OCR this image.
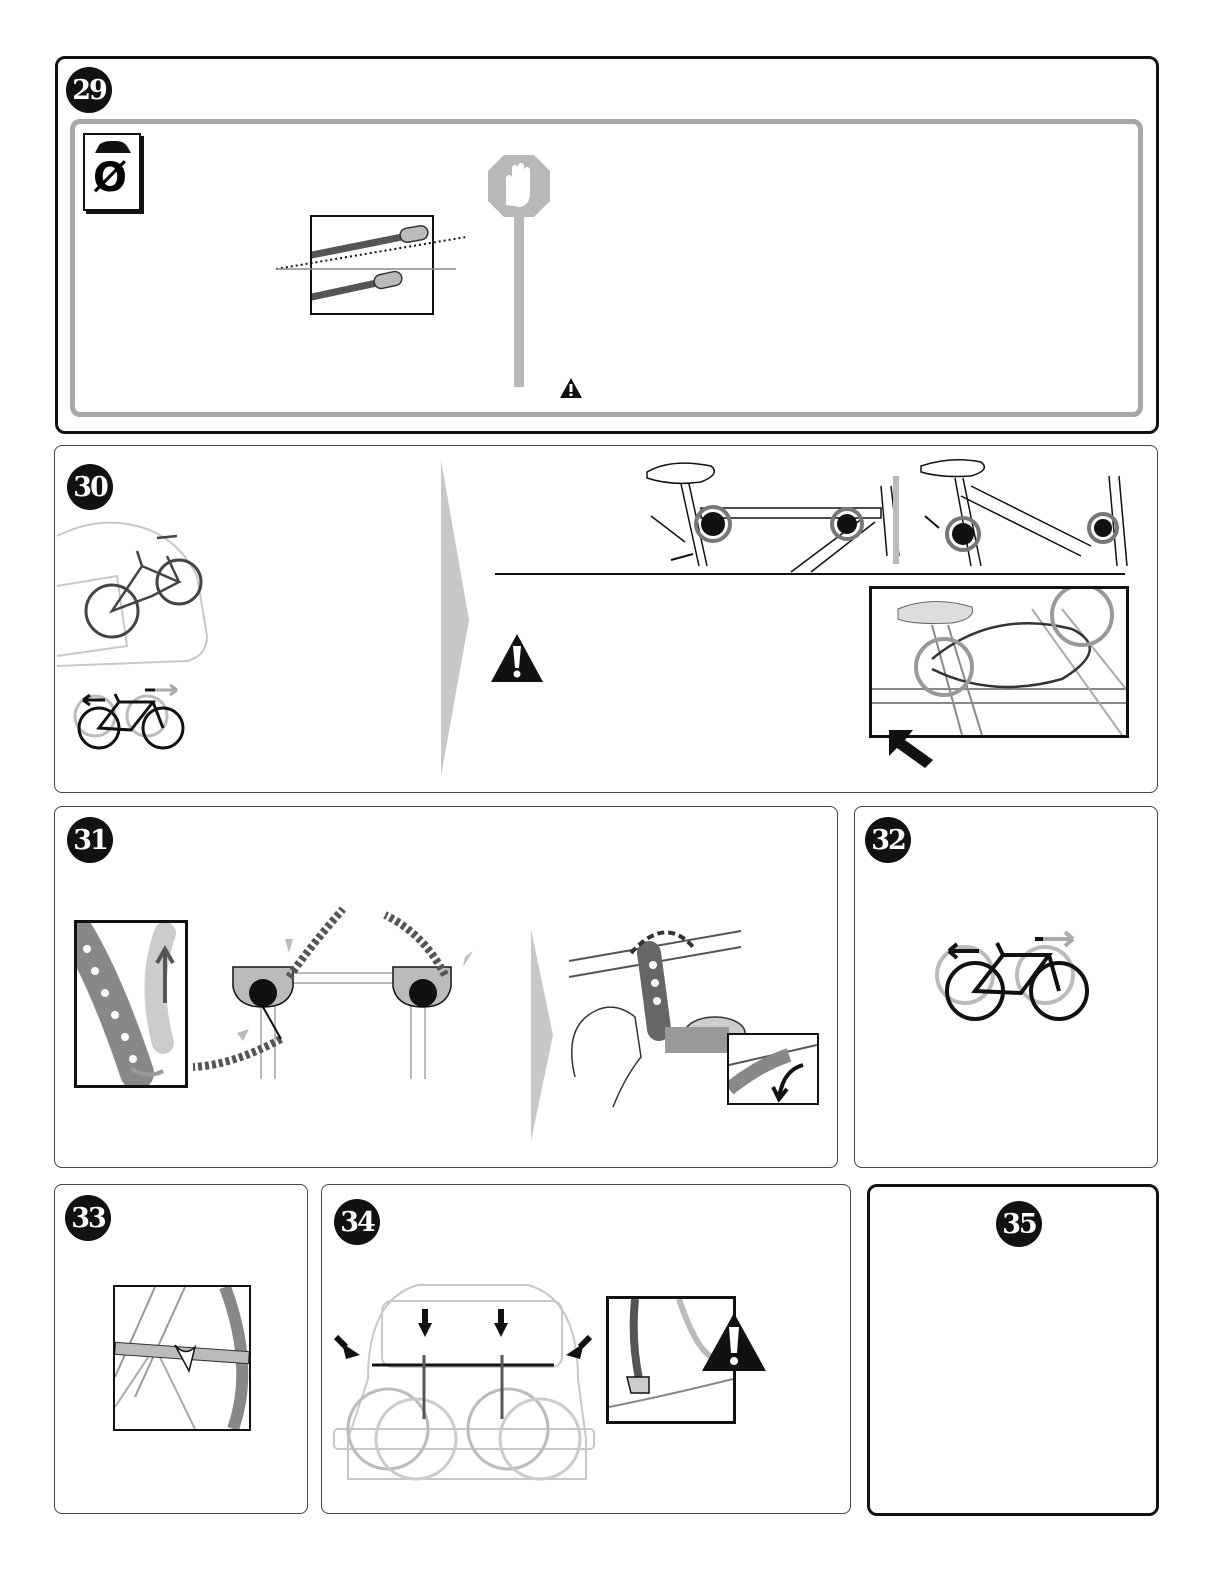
29
Ø
30
31	32
33	34	35
